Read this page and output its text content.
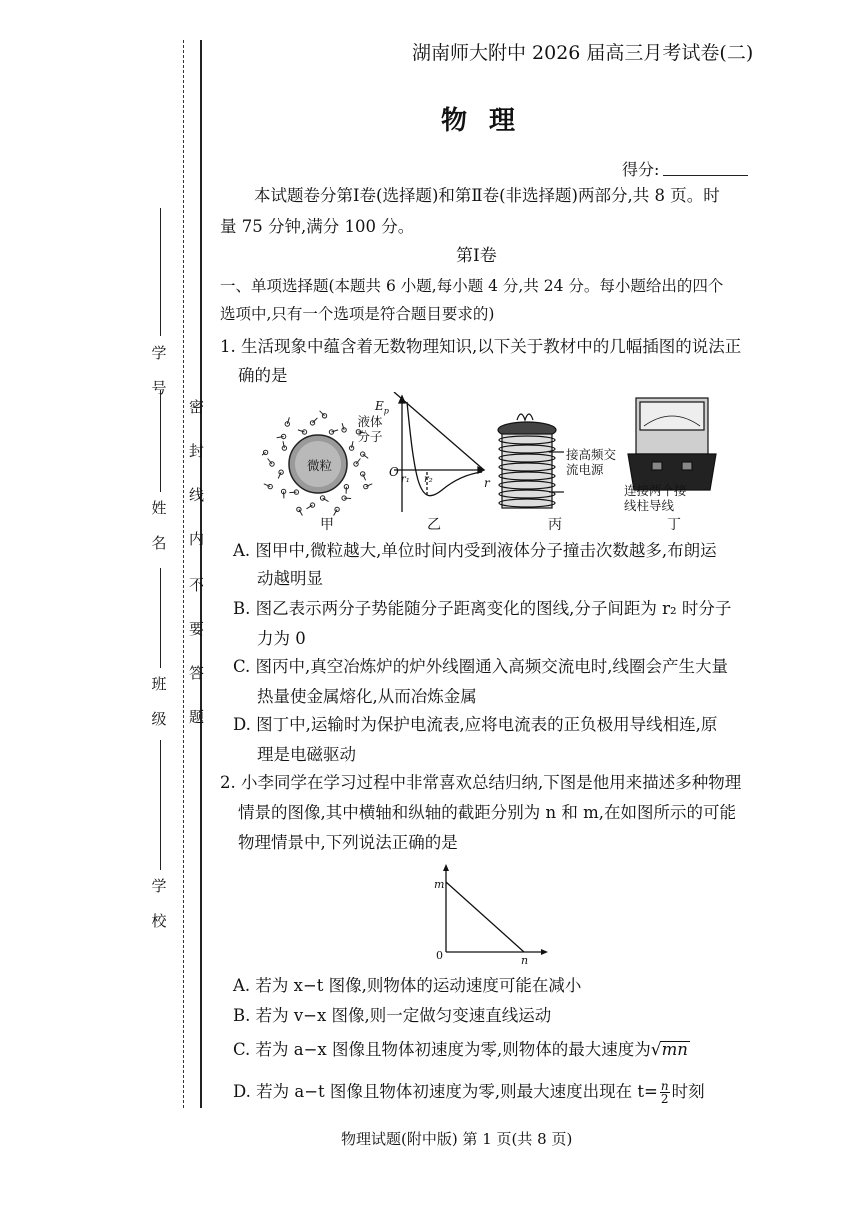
学

号
姓

名
班

级
学

校
密
封
线
内
不
要
答
题
湖南师大附中 2026 届高三月考试卷(二)
物理
得分:
本试题卷分第Ⅰ卷(选择题)和第Ⅱ卷(非选择题)两部分,共 8 页。时
量 75 分钟,满分 100 分。
第Ⅰ卷
一、单项选择题(本题共 6 小题,每小题 4 分,共 24 分。每小题给出的四个
选项中,只有一个选项是符合题目要求的)
1. 生活现象中蕴含着无数物理知识,以下关于教材中的几幅插图的说法正
确的是
液体分子
微粒
$E_p$
O
r₁ r₂	r
接高频交流电源
连接两个接线柱导线
甲	乙	丙	丁
A. 图甲中,微粒越大,单位时间内受到液体分子撞击次数越多,布朗运
动越明显
B. 图乙表示两分子势能随分子距离变化的图线,分子间距为 r₂ 时分子
力为 0
C. 图丙中,真空冶炼炉的炉外线圈通入高频交流电时,线圈会产生大量
热量使金属熔化,从而冶炼金属
D. 图丁中,运输时为保护电流表,应将电流表的正负极用导线相连,原
理是电磁驱动
2. 小李同学在学习过程中非常喜欢总结归纳,下图是他用来描述多种物理
情景的图像,其中横轴和纵轴的截距分别为 n 和 m,在如图所示的可能
物理情景中,下列说法正确的是
m
0	n
A. 若为 x−t 图像,则物体的运动速度可能在减小
B. 若为 v−x 图像,则一定做匀变速直线运动
C. 若为 a−x 图像且物体初速度为零,则物体的最大速度为√mn
D. 若为 a−t 图像且物体初速度为零,则最大速度出现在 $t= \frac{n}{2}$ 时刻
物理试题(附中版) 第 1 页(共 8 页)
